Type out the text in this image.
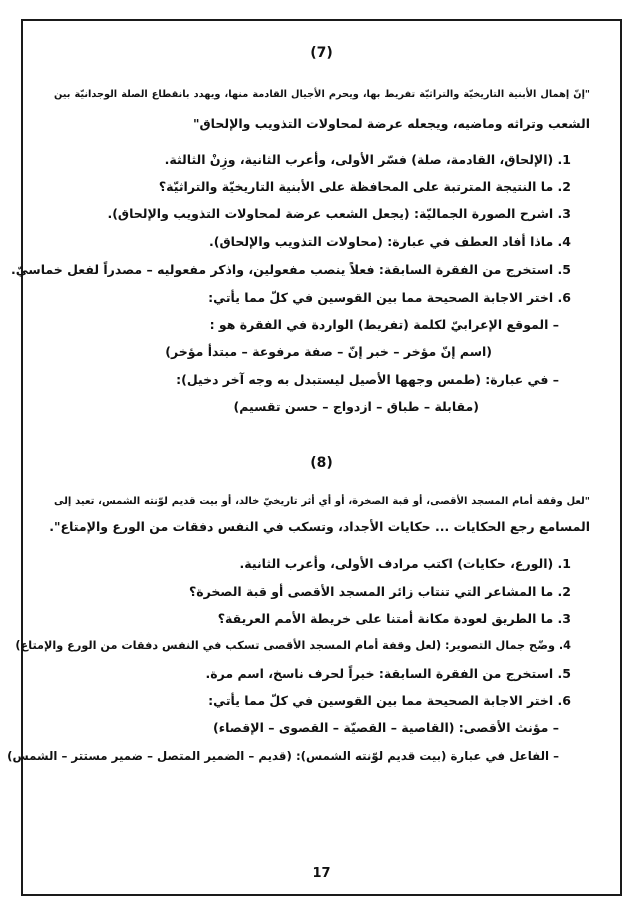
(7)
"إنّ إهمال الأبنية التاريخيّة والتراثيّة تفريط بها، ويحرم الأجيال القادمة منها، ويهدد بانقطاع الصلة الوجدانيّة بين
الشعب وتراثه وماضيه، ويجعله عرضة لمحاولات التذويب والإلحاق"
1. (الإلحاق، القادمة، صلة) فسّر الأولى، وأعرب الثانية، وزِنْ الثالثة.
2. ما النتيجة المترتبة على المحافظة على الأبنية التاريخيّة والتراثيّة؟
3. اشرح الصورة الجماليّة: (يجعل الشعب عرضة لمحاولات التذويب والإلحاق).
4. ماذا أفاد العطف في عبارة: (محاولات التذويب والإلحاق).
5. استخرج من الفقرة السابقة: فعلاً ينصب مفعولين، واذكر مفعوليه – مصدراً لفعل خماسيّ.
6. اختر الاجابة الصحيحة مما بين القوسين في كلّ مما يأتي:
– الموقع الإعرابيّ لكلمة (تفريط) الواردة في الفقرة هو :
(اسم إنّ مؤخر – خبر إنّ – صفة مرفوعة – مبتدأ مؤخر)
– في عبارة: (طمس وجهها الأصيل ليستبدل به وجه آخر دخيل):
(مقابلة – طباق – ازدواج – حسن تقسيم)
(8)
"لعل وقفة أمام المسجد الأقصى، أو قبة الصخرة، أو أي أثر تاريخيّ خالد، أو بيت قديم لوّنته الشمس، تعيد إلى
المسامع رجع الحكايات ... حكايات الأجداد، وتسكب في النفس دفقات من الورع والإمتاع".
1. (الورع، حكايات) اكتب مرادف الأولى، وأعرب الثانية.
2. ما المشاعر التي تنتاب زائر المسجد الأقصى أو قبة الصخرة؟
3. ما الطريق لعودة مكانة أمتنا على خريطة الأمم العريقة؟
4. وضّح جمال التصوير: (لعل وقفة أمام المسجد الأقصى تسكب في النفس دفقات من الورع والإمتاع)
5. استخرج من الفقرة السابقة: خبراً لحرف ناسخ، اسم مرة.
6. اختر الاجابة الصحيحة مما بين القوسين في كلّ مما يأتي:
– مؤنث الأقصى: (القاصية – القصيّة – القصوى – الإقصاء)
– الفاعل في عبارة (بيت قديم لوّنته الشمس): (قديم – الضمير المتصل – ضمير مستتر – الشمس)
17
